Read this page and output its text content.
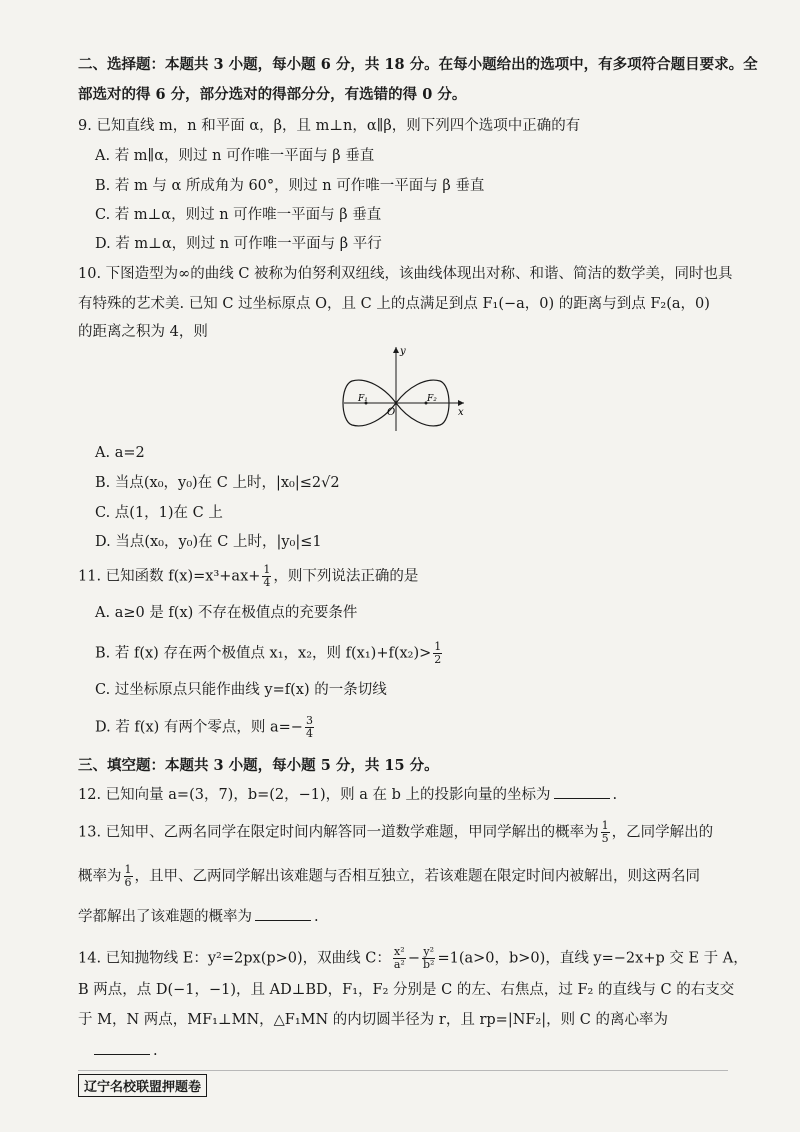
二、选择题：本题共 3 小题，每小题 6 分，共 18 分。在每小题给出的选项中，有多项符合题目要求。全
部选对的得 6 分，部分选对的得部分分，有选错的得 0 分。
9. 已知直线 m，n 和平面 α，β，且 m⊥n，α∥β，则下列四个选项中正确的有
A. 若 m∥α，则过 n 可作唯一平面与 β 垂直
B. 若 m 与 α 所成角为 60°，则过 n 可作唯一平面与 β 垂直
C. 若 m⊥α，则过 n 可作唯一平面与 β 垂直
D. 若 m⊥α，则过 n 可作唯一平面与 β 平行
10. 下图造型为∞的曲线 C 被称为伯努利双纽线，该曲线体现出对称、和谐、简洁的数学美，同时也具
有特殊的艺术美. 已知 C 过坐标原点 O，且 C 上的点满足到点 F₁(−a，0) 的距离与到点 F₂(a，0)
的距离之积为 4，则
y
x
O
F₁	F₂
A. a=2
B. 当点(x₀，y₀)在 C 上时，|x₀|≤2√2
C. 点(1，1)在 C 上
D. 当点(x₀，y₀)在 C 上时，|y₀|≤1
11. 已知函数 $f(x)=x^3+ax+ \frac{1}{4}$ ，则下列说法正确的是
A. a≥0 是 f(x) 不存在极值点的充要条件
B. 若 f(x) 存在两个极值点 x₁，x₂，则 $f(x_1)+f(x_2)> \frac{1}{2}$
C. 过坐标原点只能作曲线 y=f(x) 的一条切线
D. 若 f(x) 有两个零点，则 $a=- \frac{3}{4}$
三、填空题：本题共 3 小题，每小题 5 分，共 15 分。
12. 已知向量 a=(3，7)，b=(2，−1)，则 a 在 b 上的投影向量的坐标为	.
13. 已知甲、乙两名同学在限定时间内解答同一道数学难题，甲同学解出的概率为 $\frac{1}{5}$ ，乙同学解出的
概率为 $\frac{1}{6}$ ，且甲、乙两同学解出该难题与否相互独立，若该难题在限定时间内被解出，则这两名同
学都解出了该难题的概率为	.
14. 已知抛物线 E：y²=2px(p>0)，双曲线 C： $\frac{\text{x²}}{\text{a²}} - \frac{\text{y²}}{\text{b²}} =1(a>0$，b>0)，直线 y=−2x+p 交 E 于 A，
B 两点，点 D(−1，−1)，且 AD⊥BD，F₁，F₂ 分别是 C 的左、右焦点，过 F₂ 的直线与 C 的右支交
于 M，N 两点，MF₁⊥MN，△F₁MN 的内切圆半径为 r，且 rp=|NF₂|，则 C 的离心率为
.
辽宁名校联盟押题卷
